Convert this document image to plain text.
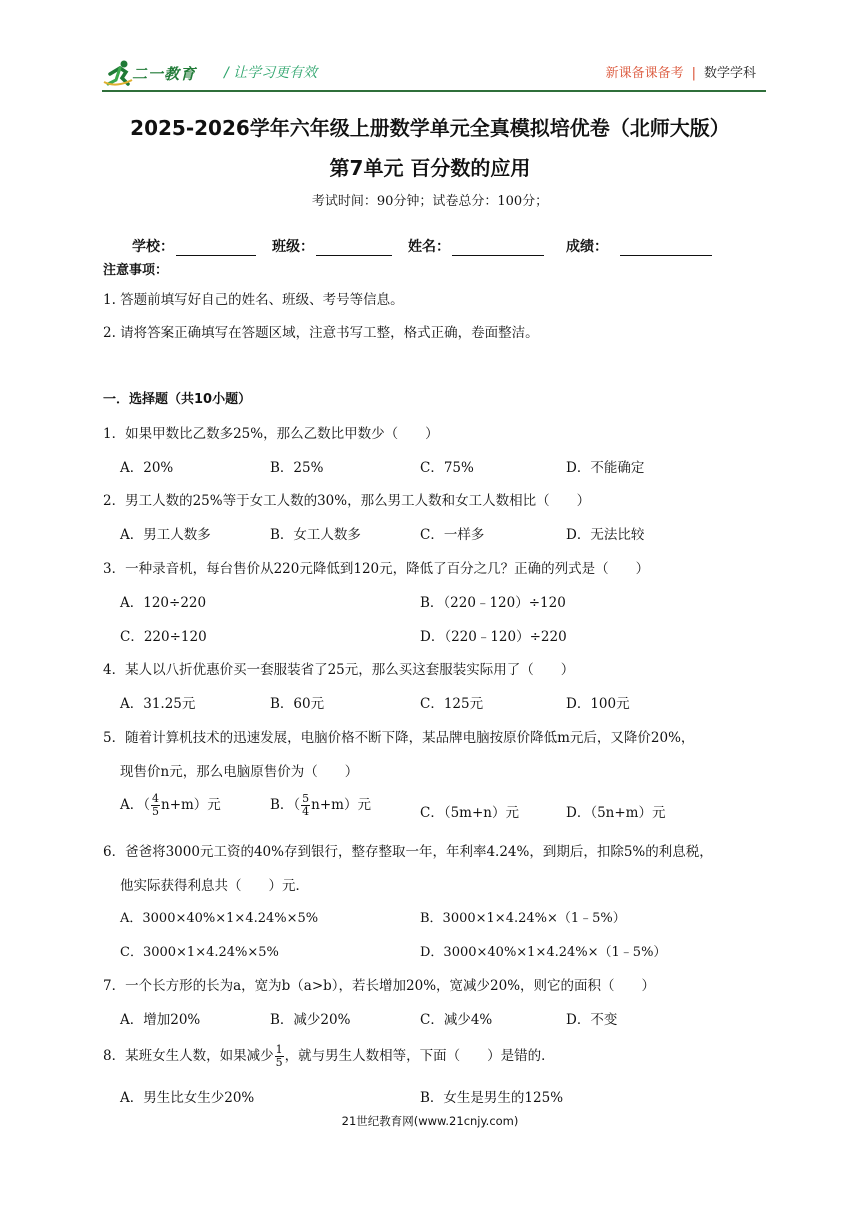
二一教育 / 让学习更有效	新课备课备考 | 数学学科
2025-2026学年六年级上册数学单元全真模拟培优卷（北师大版）
第7单元 百分数的应用
考试时间：90分钟；试卷总分：100分；
学校：	班级：	姓名：	成绩：
注意事项：
1. 答题前填写好自己的姓名、班级、考号等信息。
2. 请将答案正确填写在答题区域，注意书写工整，格式正确，卷面整洁。
一．选择题（共10小题）
1．如果甲数比乙数多25%，那么乙数比甲数少（　　）
A．20%	B．25%	C．75%	D．不能确定
2．男工人数的25%等于女工人数的30%，那么男工人数和女工人数相比（　　）
A．男工人数多	B．女工人数多	C．一样多	D．无法比较
3．一种录音机，每台售价从220元降低到120元，降低了百分之几？正确的列式是（　　）
A．120÷220	B．（220﹣120）÷120
C．220÷120	D．（220﹣120）÷220
4．某人以八折优惠价买一套服装省了25元，那么买这套服装实际用了（　　）
A．31.25元	B．60元	C．125元	D．100元
5．随着计算机技术的迅速发展，电脑价格不断下降，某品牌电脑按原价降低m元后，又降价20%，
现售价n元，那么电脑原售价为（　　）
A．（ $\frac{4}{5} n+m$）元	B．（ $\frac{5}{4} n+m$）元	C．（5m+n）元	D．（5n+m）元
6．爸爸将3000元工资的40%存到银行，整存整取一年，年利率4.24%，到期后，扣除5%的利息税，
他实际获得利息共（　　）元．
A．3000×40%×1×4.24%×5%	B．3000×1×4.24%×（1﹣5%）
C．3000×1×4.24%×5%	D．3000×40%×1×4.24%×（1﹣5%）
7．一个长方形的长为a，宽为b（a>b），若长增加20%，宽减少20%，则它的面积（　　）
A．增加20%	B．减少20%	C．减少4%	D．不变
8．某班女生人数，如果减少 $\frac{1}{5}$ ，就与男生人数相等，下面（　　）是错的．
A．男生比女生少20%	B．女生是男生的125%
21世纪教育网(www.21cnjy.com)
